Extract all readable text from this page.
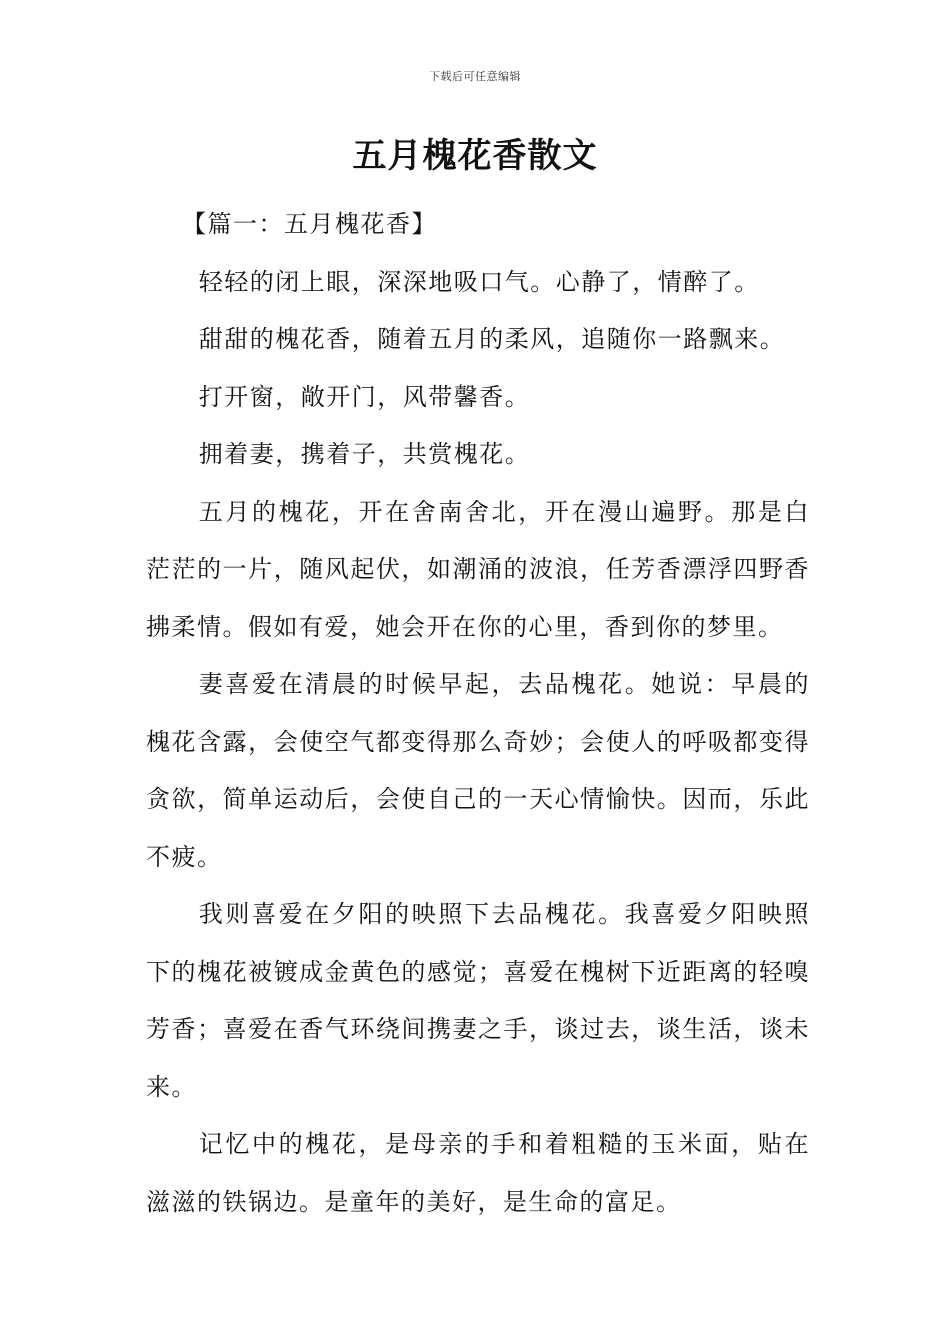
下载后可任意编辑
五月槐花香散文

【篇一：五月槐花香】

轻轻的闭上眼，深深地吸口气。心静了，情醉了。

甜甜的槐花香，随着五月的柔风，追随你一路飘来。

打开窗，敞开门，风带馨香。

拥着妻，携着子，共赏槐花。

五月的槐花，开在舍南舍北，开在漫山遍野。那是白茫茫的一片，随风起伏，如潮涌的波浪，任芳香漂浮四野香拂柔情。假如有爱，她会开在你的心里，香到你的梦里。

妻喜爱在清晨的时候早起，去品槐花。她说：早晨的槐花含露，会使空气都变得那么奇妙；会使人的呼吸都变得贪欲，简单运动后，会使自己的一天心情愉快。因而，乐此不疲。

我则喜爱在夕阳的映照下去品槐花。我喜爱夕阳映照下的槐花被镀成金黄色的感觉；喜爱在槐树下近距离的轻嗅芳香；喜爱在香气环绕间携妻之手，谈过去，谈生活，谈未来。

记忆中的槐花，是母亲的手和着粗糙的玉米面，贴在滋滋的铁锅边。是童年的美好，是生命的富足。
